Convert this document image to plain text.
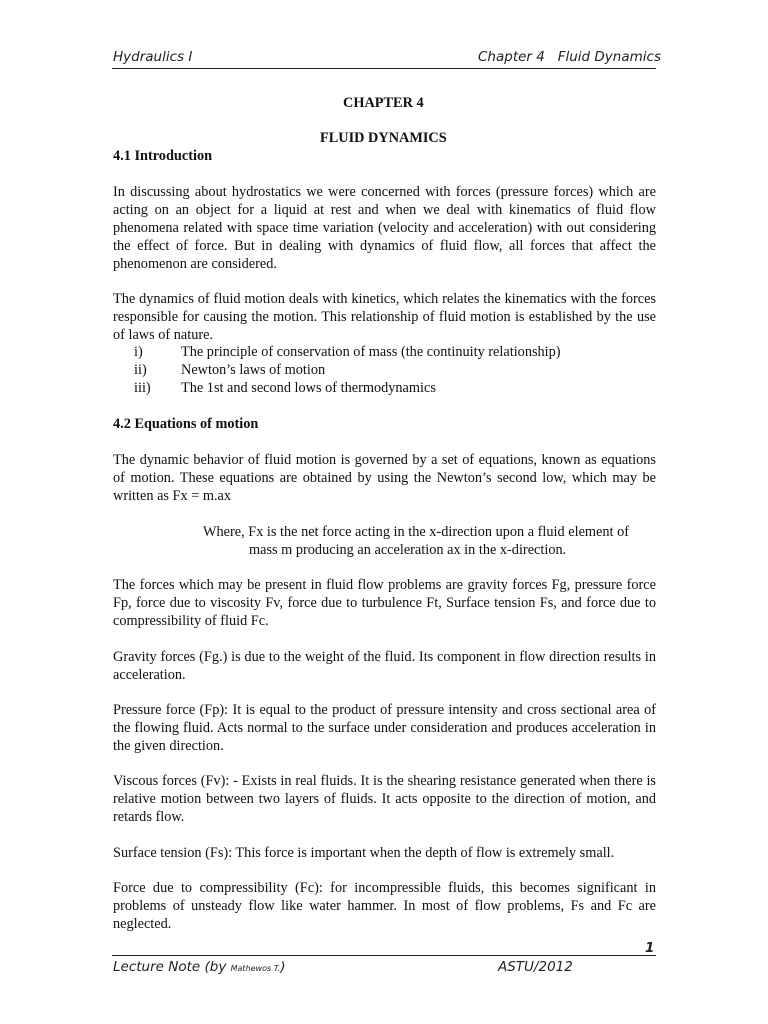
Hydraulics I	Chapter 4   Fluid Dynamics
CHAPTER 4
FLUID DYNAMICS
4.1 Introduction
In discussing about hydrostatics we were concerned with forces (pressure forces) which are acting on an object for a liquid at rest and when we deal with kinematics of fluid flow phenomena related with space time variation (velocity and acceleration) with out considering the effect of force. But in dealing with dynamics of fluid flow, all forces that affect the phenomenon are considered.
The dynamics of fluid motion deals with kinetics, which relates the kinematics with the forces responsible for causing the motion. This relationship of fluid motion is established by the use of laws of nature.
i)	The principle of conservation of mass (the continuity relationship)
ii) Newton’s laws of motion
iii) The 1st and second lows of thermodynamics
4.2 Equations of motion
The dynamic behavior of fluid motion is governed by a set of equations, known as equations of motion. These equations are obtained by using the Newton’s second low, which may be written as Fx = m.ax
Where, Fx is the net force acting in the x-direction upon a fluid element of
mass m producing an acceleration ax in the x-direction.
The forces which may be present in fluid flow problems are gravity forces Fg, pressure force Fp, force due to viscosity Fv, force due to turbulence Ft, Surface tension Fs, and force due to compressibility of fluid Fc.
Gravity forces (Fg.) is due to the weight of the fluid. Its component in flow direction results in acceleration.
Pressure force (Fp): It is equal to the product of pressure intensity and cross sectional area of the flowing fluid. Acts normal to the surface under consideration and produces acceleration in the given direction.
Viscous forces (Fv): - Exists in real fluids. It is the shearing resistance generated when there is relative motion between two layers of fluids. It acts opposite to the direction of motion, and retards flow.
Surface tension (Fs): This force is important when the depth of flow is extremely small.
Force due to compressibility (Fc): for incompressible fluids, this becomes significant in problems of unsteady flow like water hammer. In most of flow problems, Fs and Fc are neglected.
1
Lecture Note (by Mathewos T.)	ASTU/2012
